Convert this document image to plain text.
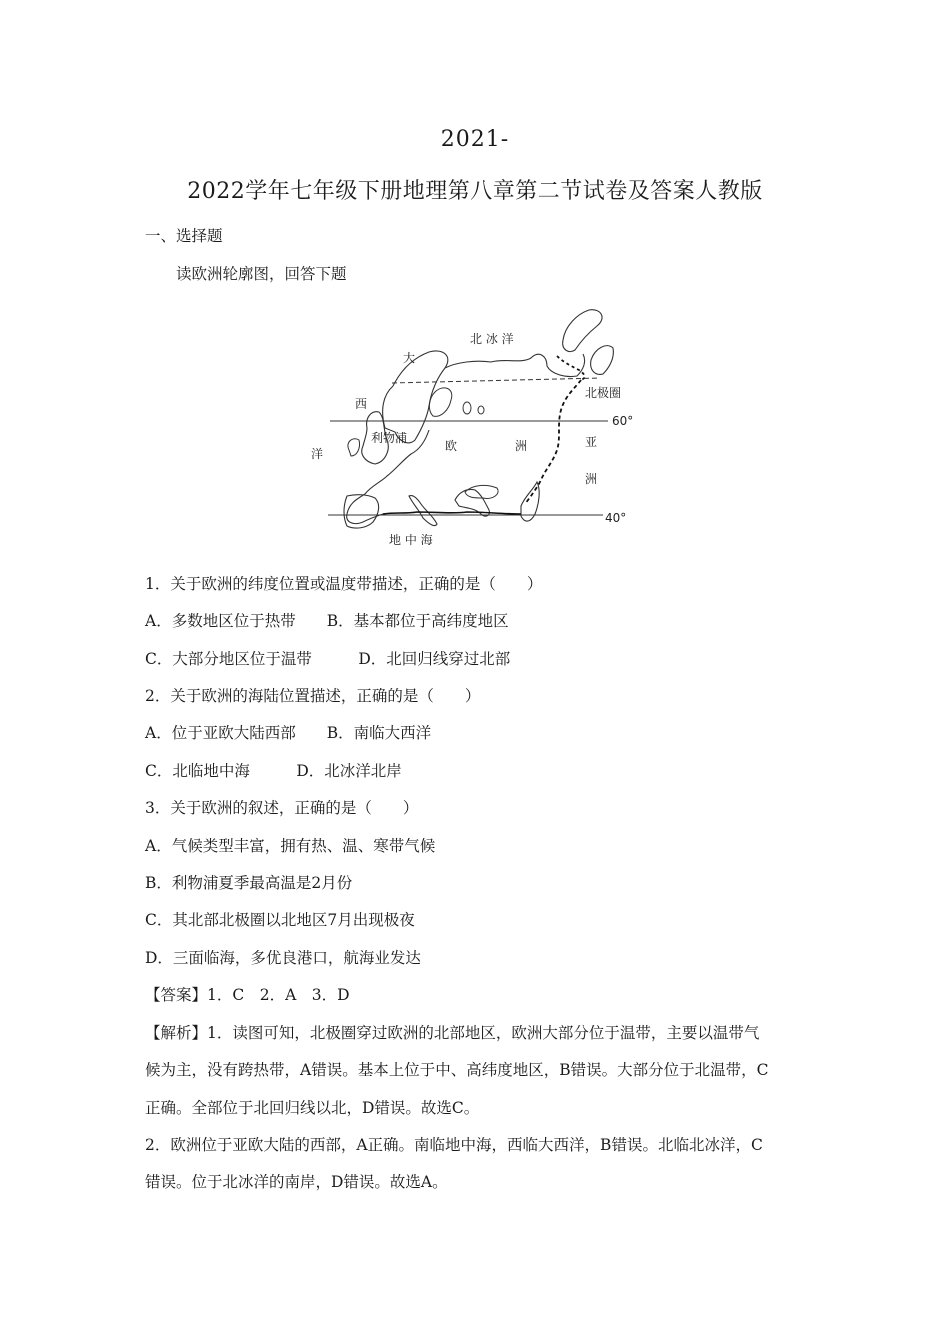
2021-
2022学年七年级下册地理第八章第二节试卷及答案人教版
一、选择题
读欧洲轮廓图，回答下题
北 冰 洋
大
西
洋
北极圈
60°
40°
利物浦
欧	洲	亚
洲
地 中 海
1．关于欧洲的纬度位置或温度带描述，正确的是（　　）
A．多数地区位于热带　　B．基本都位于高纬度地区
C．大部分地区位于温带　　　D．北回归线穿过北部
2．关于欧洲的海陆位置描述，正确的是（　　）
A．位于亚欧大陆西部　　B．南临大西洋
C．北临地中海　　　D．北冰洋北岸
3．关于欧洲的叙述，正确的是（　　）
A．气候类型丰富，拥有热、温、寒带气候
B．利物浦夏季最高温是2月份
C．其北部北极圈以北地区7月出现极夜
D．三面临海，多优良港口，航海业发达
【答案】1．C　2．A　3．D
【解析】1．读图可知，北极圈穿过欧洲的北部地区，欧洲大部分位于温带，主要以温带气
候为主，没有跨热带，A错误。基本上位于中、高纬度地区，B错误。大部分位于北温带，C
正确。全部位于北回归线以北，D错误。故选C。
2．欧洲位于亚欧大陆的西部，A正确。南临地中海，西临大西洋，B错误。北临北冰洋，C
错误。位于北冰洋的南岸，D错误。故选A。
